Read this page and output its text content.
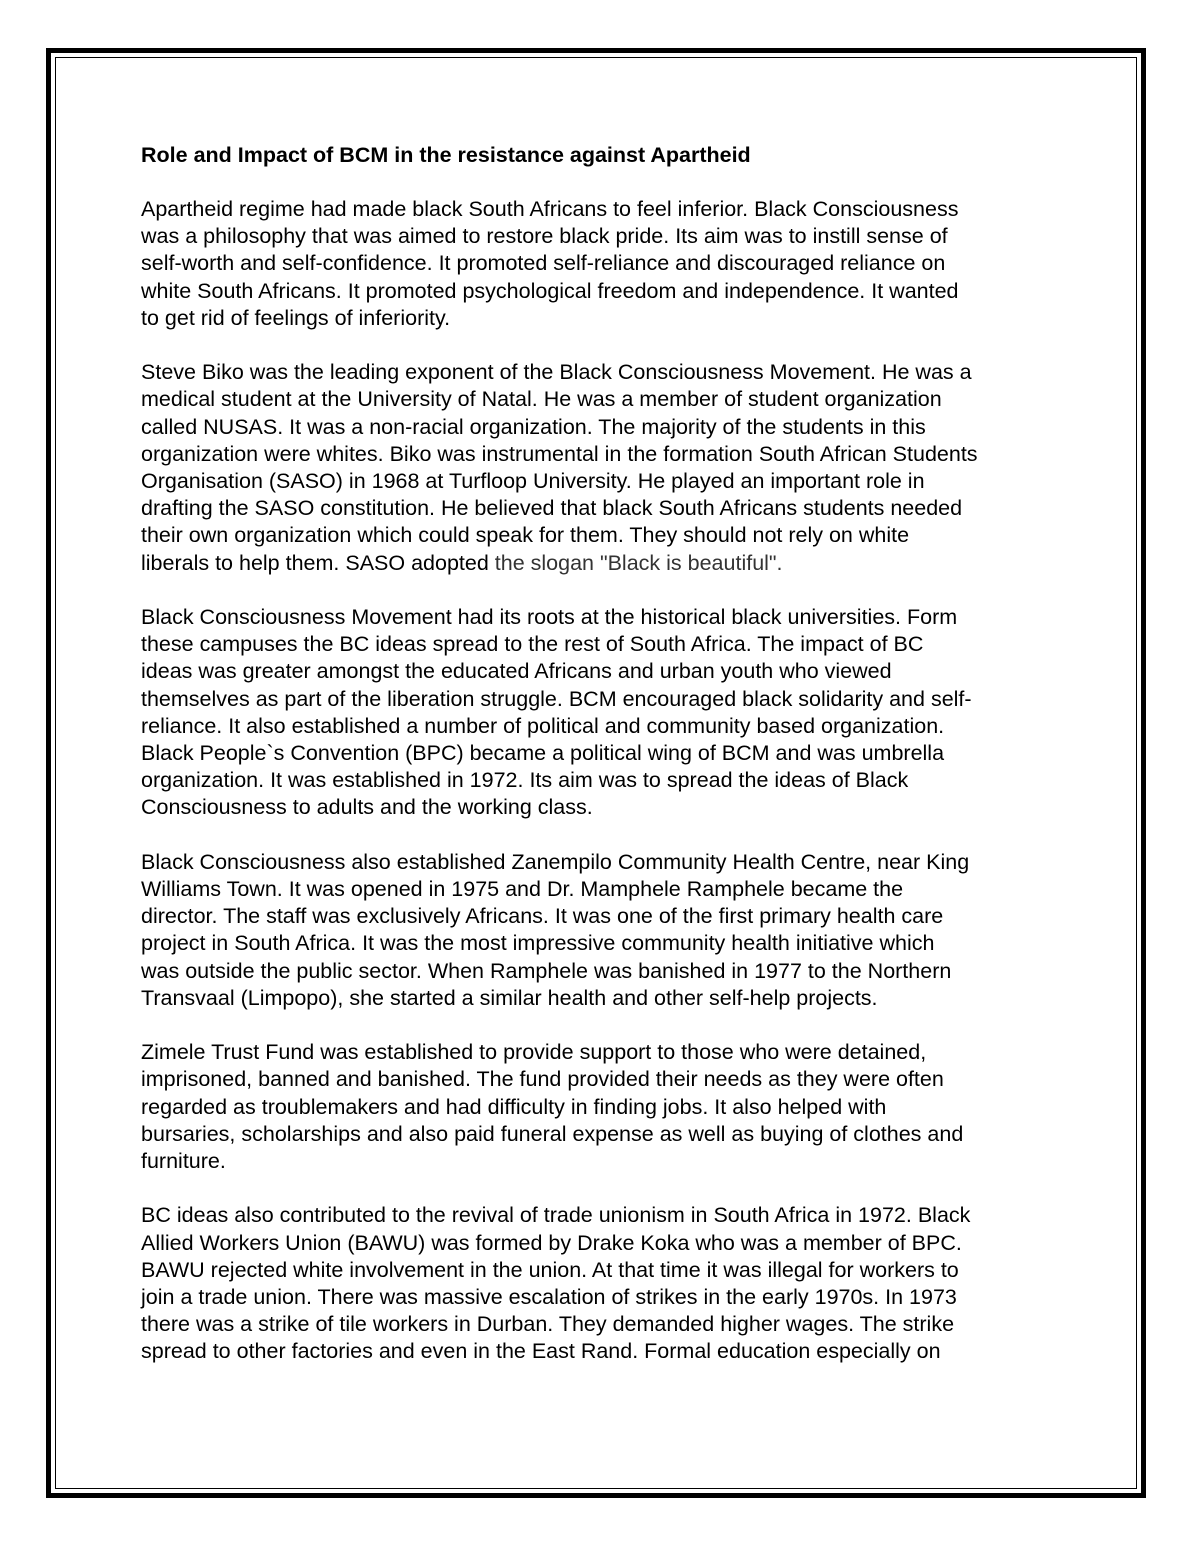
Role and Impact of BCM in the resistance against Apartheid
Apartheid regime had made black South Africans to feel inferior. Black Consciousness
was a philosophy that was aimed to restore black pride. Its aim was to instill sense of
self-worth and self-confidence. It promoted self-reliance and discouraged reliance on
white South Africans. It promoted psychological freedom and independence. It wanted
to get rid of feelings of inferiority.
Steve Biko was the leading exponent of the Black Consciousness Movement. He was a
medical student at the University of Natal. He was a member of student organization
called NUSAS. It was a non-racial organization. The majority of the students in this
organization were whites. Biko was instrumental in the formation South African Students
Organisation (SASO) in 1968 at Turfloop University. He played an important role in
drafting the SASO constitution. He believed that black South Africans students needed
their own organization which could speak for them. They should not rely on white
liberals to help them. SASO adopted the slogan "Black is beautiful".
Black Consciousness Movement had its roots at the historical black universities. Form
these campuses the BC ideas spread to the rest of South Africa. The impact of BC
ideas was greater amongst the educated Africans and urban youth who viewed
themselves as part of the liberation struggle. BCM encouraged black solidarity and self-
reliance. It also established a number of political and community based organization.
Black People`s Convention (BPC) became a political wing of BCM and was umbrella
organization. It was established in 1972. Its aim was to spread the ideas of Black
Consciousness to adults and the working class.
Black Consciousness also established Zanempilo Community Health Centre, near King
Williams Town. It was opened in 1975 and Dr. Mamphele Ramphele became the
director. The staff was exclusively Africans. It was one of the first primary health care
project in South Africa. It was the most impressive community health initiative which
was outside the public sector. When Ramphele was banished in 1977 to the Northern
Transvaal (Limpopo), she started a similar health and other self-help projects.
Zimele Trust Fund was established to provide support to those who were detained,
imprisoned, banned and banished. The fund provided their needs as they were often
regarded as troublemakers and had difficulty in finding jobs. It also helped with
bursaries, scholarships and also paid funeral expense as well as buying of clothes and
furniture.
BC ideas also contributed to the revival of trade unionism in South Africa in 1972. Black
Allied Workers Union (BAWU) was formed by Drake Koka who was a member of BPC.
BAWU rejected white involvement in the union. At that time it was illegal for workers to
join a trade union. There was massive escalation of strikes in the early 1970s. In 1973
there was a strike of tile workers in Durban. They demanded higher wages. The strike
spread to other factories and even in the East Rand. Formal education especially on
